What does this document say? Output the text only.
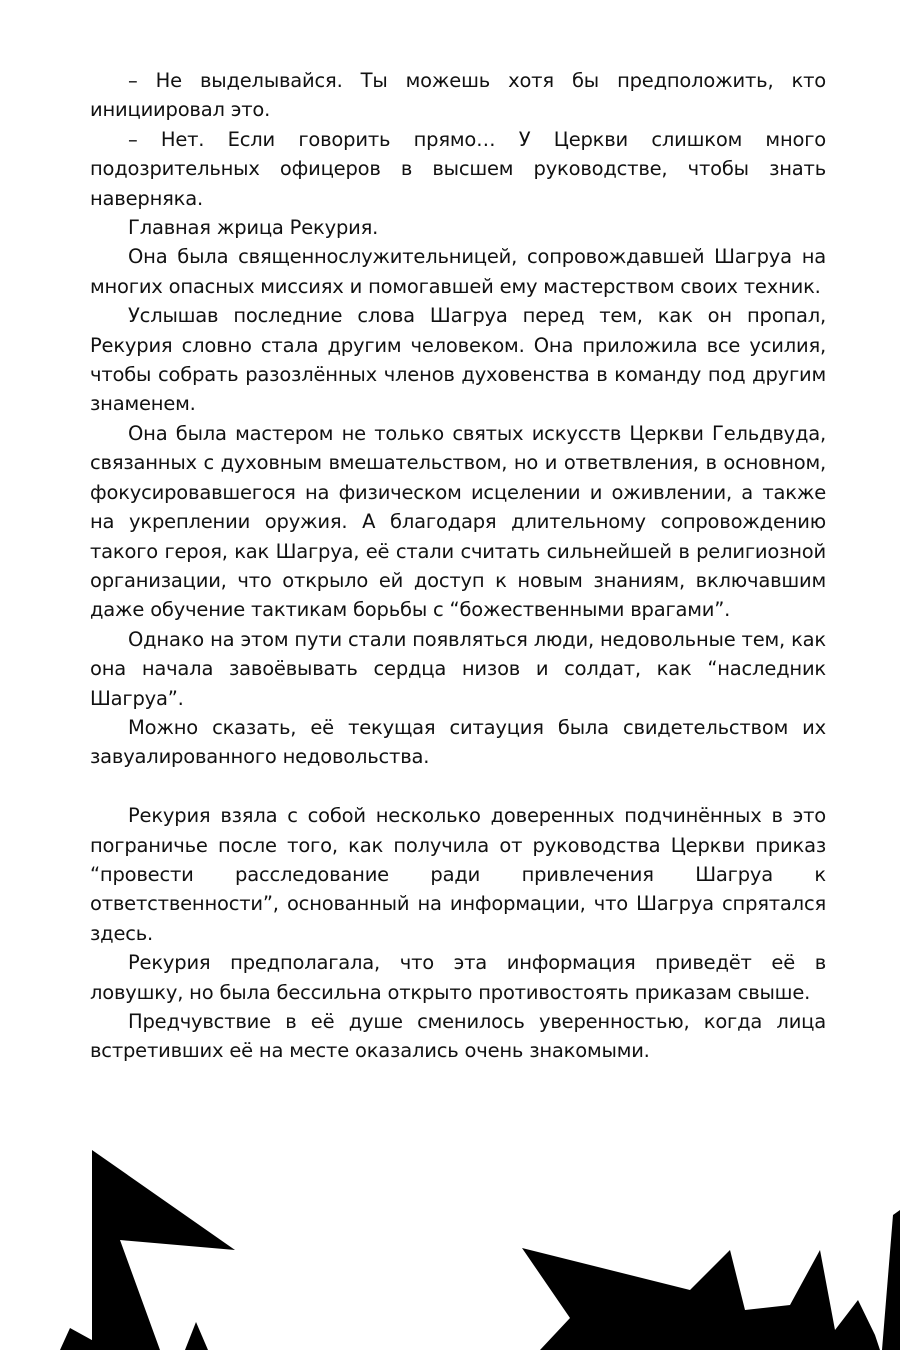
– Не выделывайся. Ты можешь хотя бы предположить, кто инициировал это.

– Нет. Если говорить прямо… У Церкви слишком много подозрительных офицеров в высшем руководстве, чтобы знать наверняка.

Главная жрица Рекурия.

Она была священнослужительницей, сопровождавшей Шагруа на многих опасных миссиях и помогавшей ему мастерством своих техник.

Услышав последние слова Шагруа перед тем, как он пропал, Рекурия словно стала другим человеком. Она приложила все усилия, чтобы собрать разозлённых членов духовенства в команду под другим знаменем.

Она была мастером не только святых искусств Церкви Гельдвуда, связанных с духовным вмешательством, но и ответвления, в основном, фокусировавшегося на физическом исцелении и оживлении, а также на укреплении оружия. А благодаря длительному сопровождению такого героя, как Шагруа, её стали считать сильнейшей в религиозной организации, что открыло ей доступ к новым знаниям, включавшим даже обучение тактикам борьбы с “божественными врагами”.

Однако на этом пути стали появляться люди, недовольные тем, как она начала завоёвывать сердца низов и солдат, как “наследник Шагруа”.

Можно сказать, её текущая ситауция была свидетельством их завуалированного недовольства.

Рекурия взяла с собой несколько доверенных подчинённых в это пограничье после того, как получила от руководства Церкви приказ “провести расследование ради привлечения Шагруа к ответственности”, основанный на информации, что Шагруа спрятался здесь.

Рекурия предполагала, что эта информация приведёт её в ловушку, но была бессильна открыто противостоять приказам свыше.

Предчувствие в её душе сменилось уверенностью, когда лица встретивших её на месте оказались очень знакомыми.
